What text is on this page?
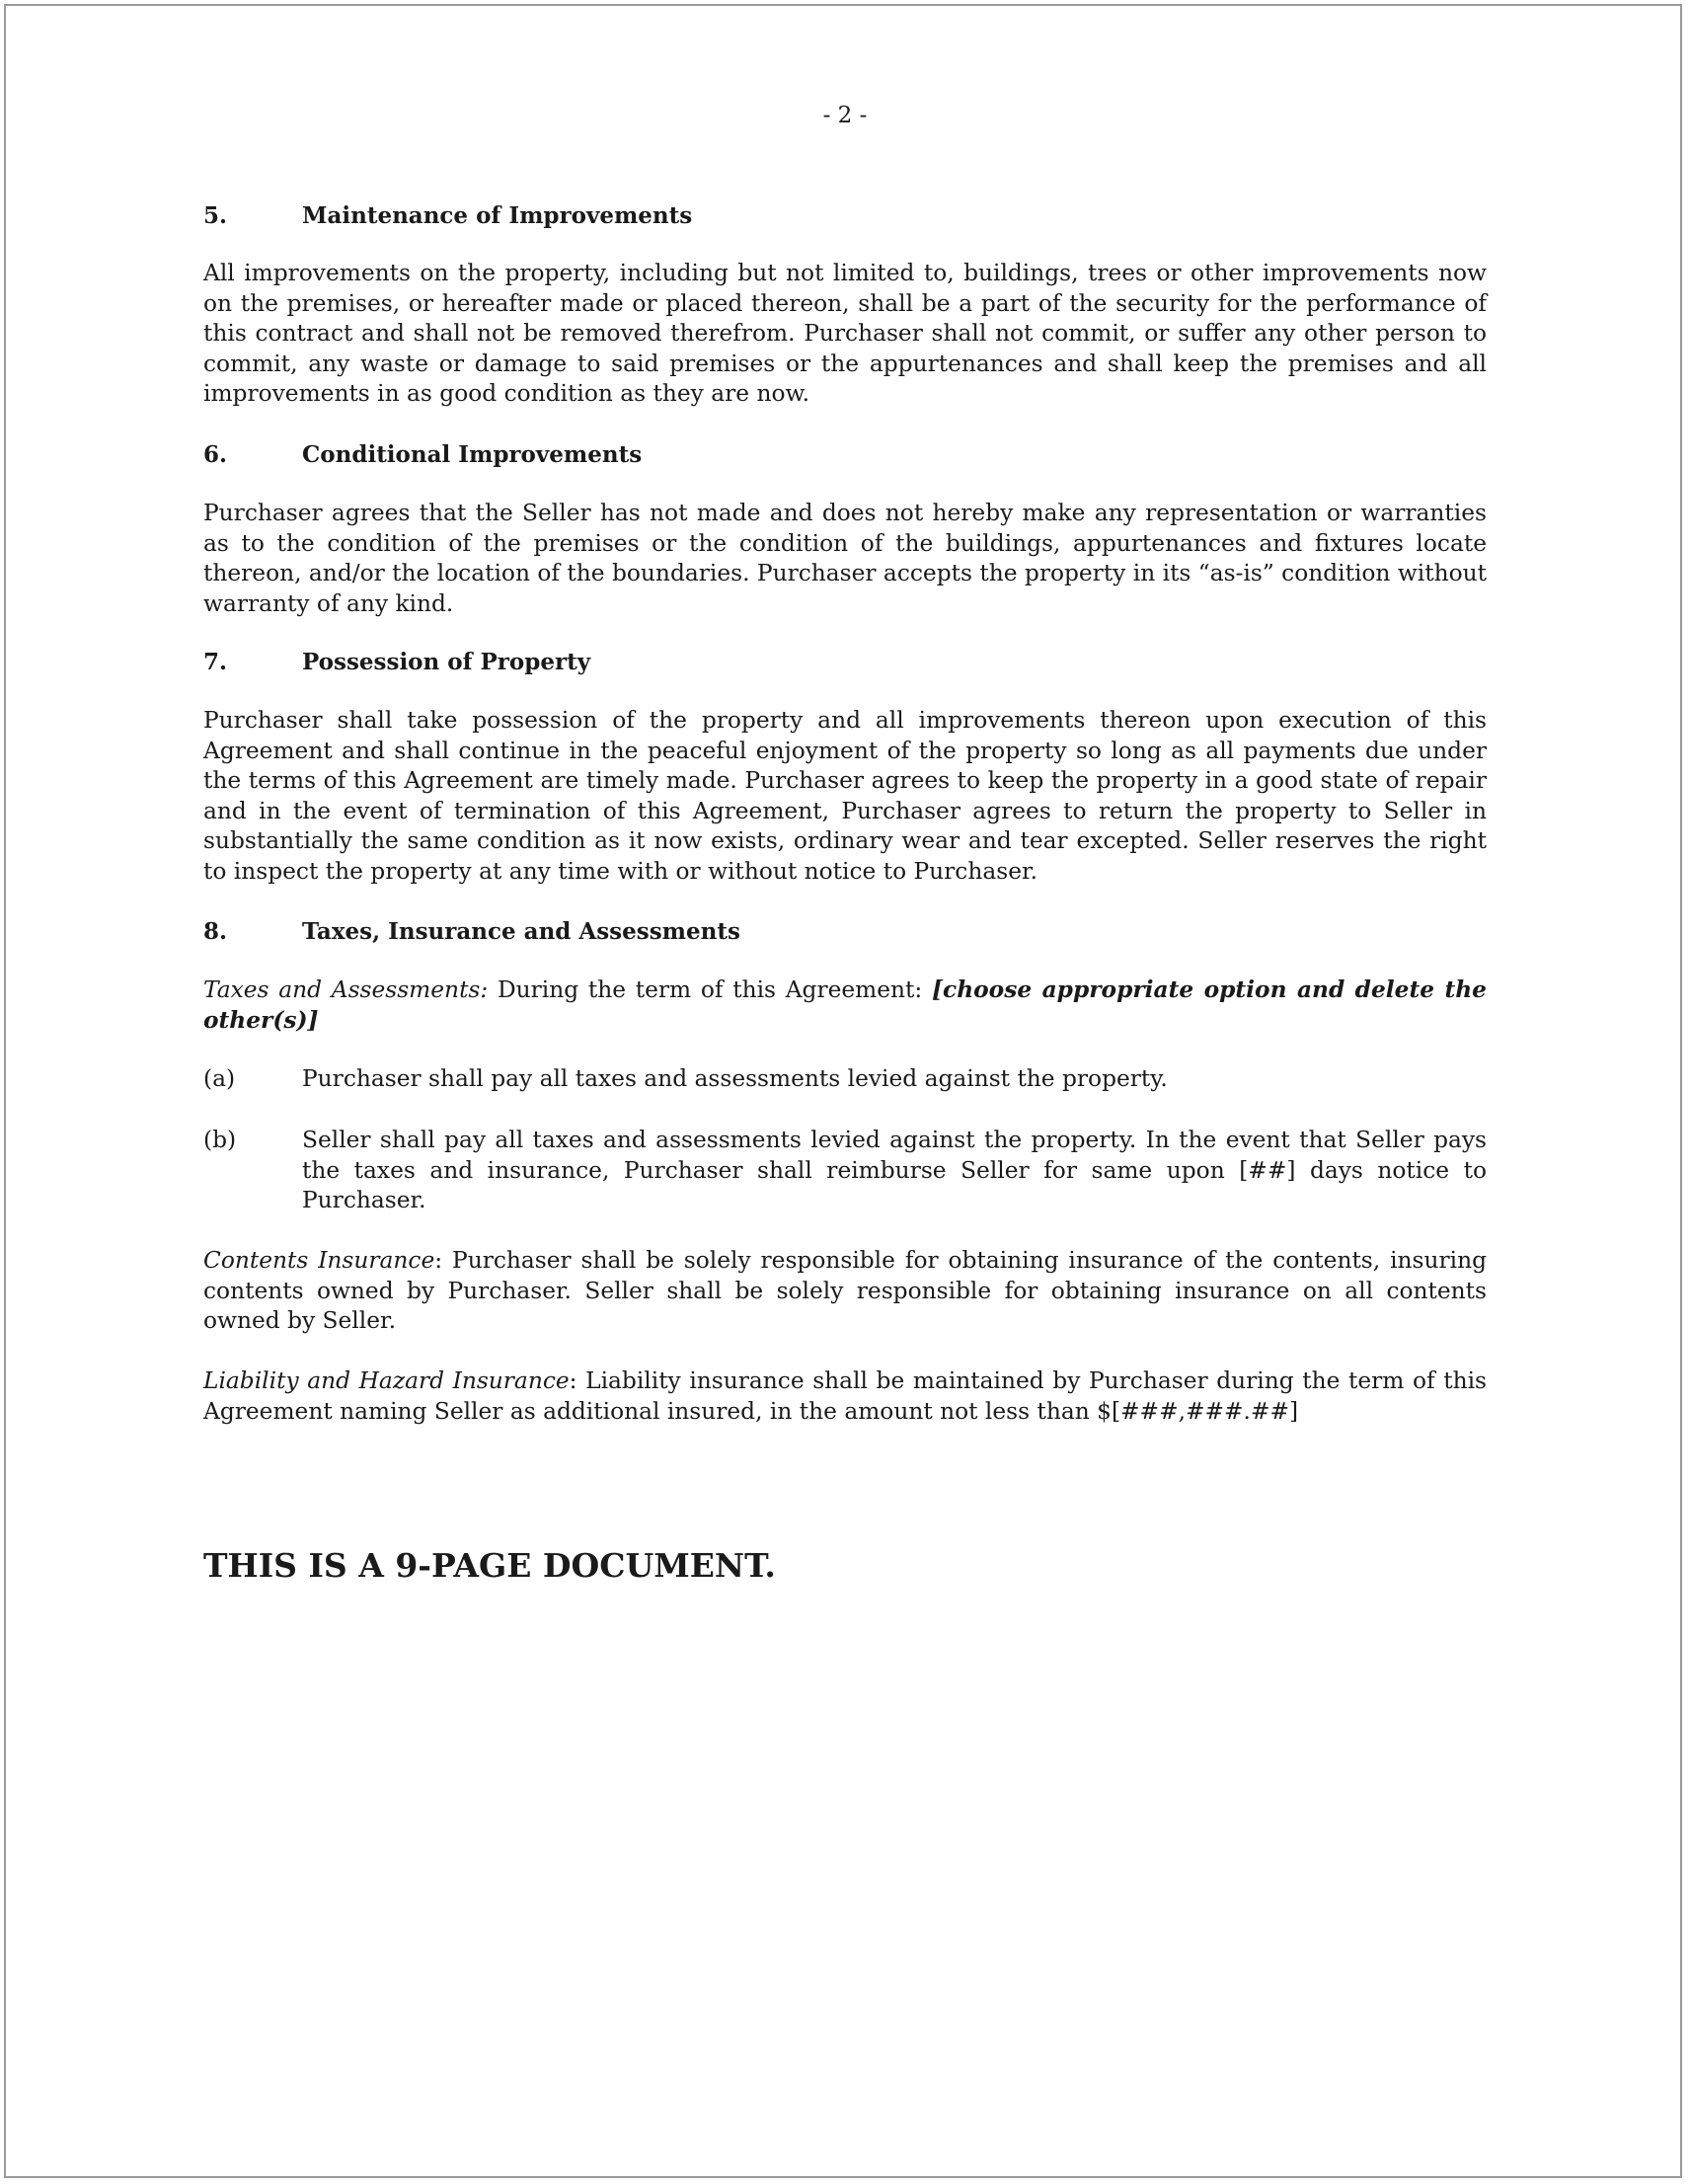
- 2 -
5.	Maintenance of Improvements
All improvements on the property, including but not limited to, buildings, trees or other improvements now on the premises, or hereafter made or placed thereon, shall be a part of the security for the performance of this contract and shall not be removed therefrom. Purchaser shall not commit, or suffer any other person to commit, any waste or damage to said premises or the appurtenances and shall keep the premises and all improvements in as good condition as they are now.
6.	Conditional Improvements
Purchaser agrees that the Seller has not made and does not hereby make any representation or warranties as to the condition of the premises or the condition of the buildings, appurtenances and fixtures locate thereon, and/or the location of the boundaries. Purchaser accepts the property in its “as-is” condition without warranty of any kind.
7.	Possession of Property
Purchaser shall take possession of the property and all improvements thereon upon execution of this Agreement and shall continue in the peaceful enjoyment of the property so long as all payments due under the terms of this Agreement are timely made. Purchaser agrees to keep the property in a good state of repair and in the event of termination of this Agreement, Purchaser agrees to return the property to Seller in substantially the same condition as it now exists, ordinary wear and tear excepted. Seller reserves the right to inspect the property at any time with or without notice to Purchaser.
8.	Taxes, Insurance and Assessments
Taxes and Assessments: During the term of this Agreement: [choose appropriate option and delete the other(s)]
(a)	Purchaser shall pay all taxes and assessments levied against the property.
(b)	Seller shall pay all taxes and assessments levied against the property. In the event that Seller pays the taxes and insurance, Purchaser shall reimburse Seller for same upon [##] days notice to Purchaser.
Contents Insurance: Purchaser shall be solely responsible for obtaining insurance of the contents, insuring contents owned by Purchaser. Seller shall be solely responsible for obtaining insurance on all contents owned by Seller.
Liability and Hazard Insurance: Liability insurance shall be maintained by Purchaser during the term of this Agreement naming Seller as additional insured, in the amount not less than $[###,###.##]
THIS IS A 9-PAGE DOCUMENT.
